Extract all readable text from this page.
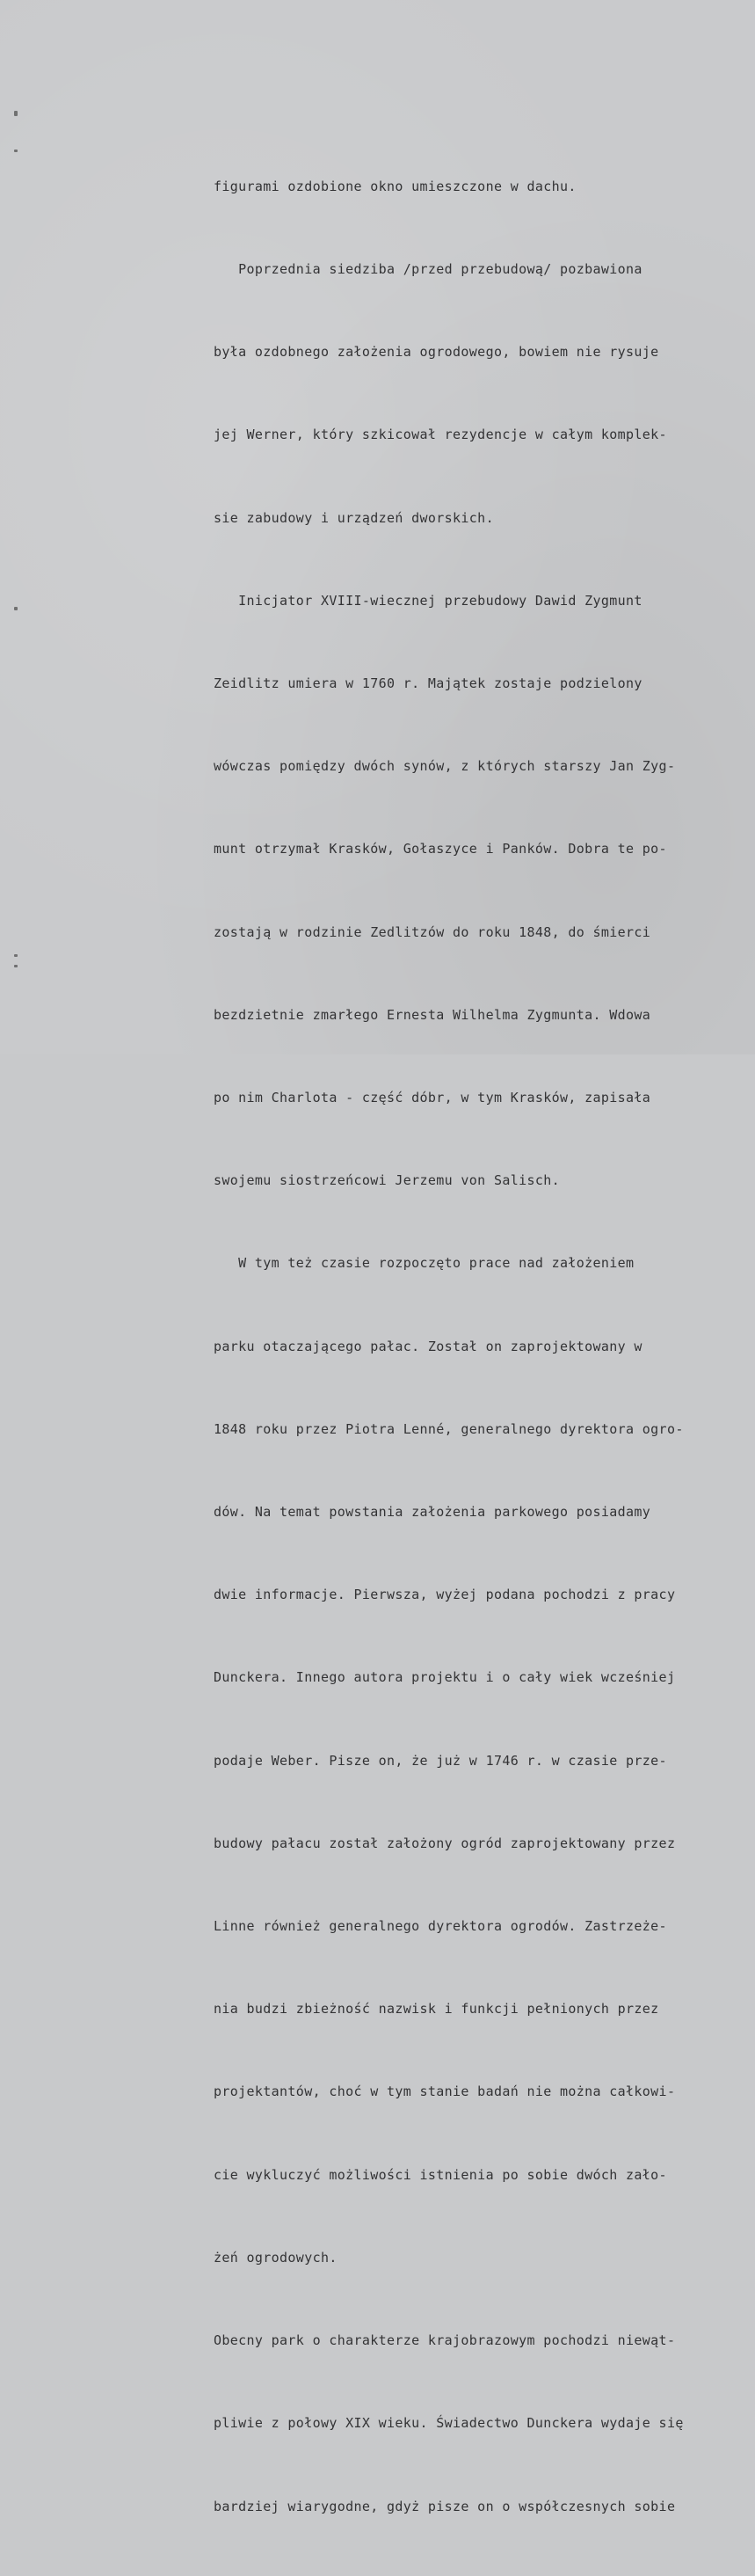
figurami ozdobione okno umieszczone w dachu.

Poprzednia siedziba /przed przebudową/ pozbawiona

była ozdobnego założenia ogrodowego, bowiem nie rysuje

jej Werner, który szkicował rezydencje w całym komplek-

sie zabudowy i urządzeń dworskich.

Inicjator XVIII-wiecznej przebudowy Dawid Zygmunt

Zeidlitz umiera w 1760 r. Majątek zostaje podzielony

wówczas pomiędzy dwóch synów, z których starszy Jan Zyg-

munt otrzymał Krasków, Gołaszyce i Panków. Dobra te po-

zostają w rodzinie Zedlitzów do roku 1848, do śmierci

bezdzietnie zmarłego Ernesta Wilhelma Zygmunta. Wdowa

po nim Charlota - część dóbr, w tym Krasków, zapisała

swojemu siostrzeńcowi Jerzemu von Salisch.

W tym też czasie rozpoczęto prace nad założeniem

parku otaczającego pałac. Został on zaprojektowany w

1848 roku przez Piotra Lenné, generalnego dyrektora ogro-

dów. Na temat powstania założenia parkowego posiadamy

dwie informacje. Pierwsza, wyżej podana pochodzi z pracy

Dunckera. Innego autora projektu i o cały wiek wcześniej

podaje Weber. Pisze on, że już w 1746 r. w czasie prze-

budowy pałacu został założony ogród zaprojektowany przez

Linne również generalnego dyrektora ogrodów. Zastrzeże-

nia budzi zbieżność nazwisk i funkcji pełnionych przez

projektantów, choć w tym stanie badań nie można całkowi-

cie wykluczyć możliwości istnienia po sobie dwóch zało-

żeń ogrodowych.

Obecny park o charakterze krajobrazowym pochodzi niewąt-

pliwie z połowy XIX wieku. Świadectwo Dunckera wydaje się

bardziej wiarygodne, gdyż pisze on o współczesnych sobie
